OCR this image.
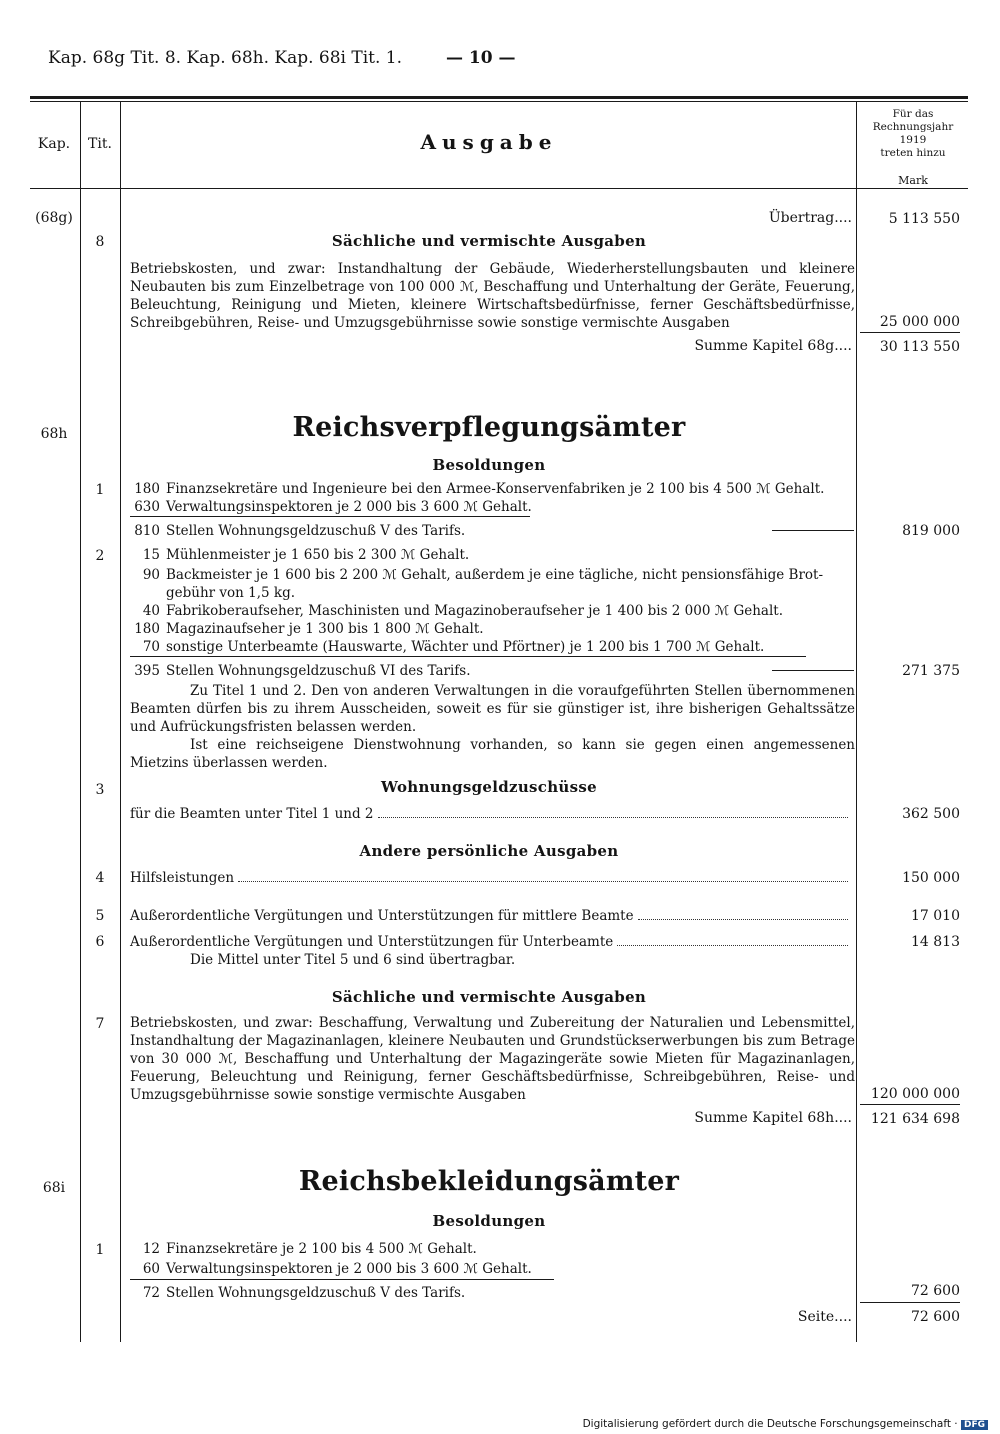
Kap. 68g Tit. 8. Kap. 68h. Kap. 68i Tit. 1.	— 10 —
Kap.	Tit.	Ausgabe
Für das
Rechnungsjahr
1919
treten hinzu
Mark
(68g)	Übertrag....	5 113 550
8	Sächliche und vermischte Ausgaben
Betriebskosten, und zwar: Instandhaltung der Gebäude, Wiederherstellungsbauten und kleinere Neubauten bis zum Einzelbetrage von 100 000 ℳ, Beschaffung und Unterhaltung der Geräte, Feuerung, Beleuchtung, Reinigung und Mieten, kleinere Wirtschaftsbedürfnisse, ferner Geschäftsbedürfnisse, Schreibgebühren, Reise- und Umzugsgebührnisse sowie sonstige vermischte Ausgaben	25 000 000
Summe Kapitel 68g....	30 113 550
68h	Reichsverpflegungsämter
Besoldungen
1	180 Finanzsekretäre und Ingenieure bei den Armee-Konservenfabriken je 2 100 bis 4 500 ℳ Gehalt.
630 Verwaltungsinspektoren je 2 000 bis 3 600 ℳ Gehalt.
810 Stellen Wohnungsgeldzuschuß V des Tarifs.	819 000
2	15 Mühlenmeister je 1 650 bis 2 300 ℳ Gehalt.
90 Backmeister je 1 600 bis 2 200 ℳ Gehalt, außerdem je eine tägliche, nicht pensionsfähige Brot-
gebühr von 1,5 kg.
40 Fabrikoberaufseher, Maschinisten und Magazinoberaufseher je 1 400 bis 2 000 ℳ Gehalt.
180 Magazinaufseher je 1 300 bis 1 800 ℳ Gehalt.
70 sonstige Unterbeamte (Hauswarte, Wächter und Pförtner) je 1 200 bis 1 700 ℳ Gehalt.
395 Stellen Wohnungsgeldzuschuß VI des Tarifs.	271 375
Zu Titel 1 und 2. Den von anderen Verwaltungen in die voraufgeführten Stellen übernommenen Beamten dürfen bis zu ihrem Ausscheiden, soweit es für sie günstiger ist, ihre bisherigen Gehaltssätze und Aufrückungsfristen belassen werden.
Ist eine reichseigene Dienstwohnung vorhanden, so kann sie gegen einen angemessenen Mietzins überlassen werden.
3	Wohnungsgeldzuschüsse
für die Beamten unter Titel 1 und 2	362 500
Andere persönliche Ausgaben
4	Hilfsleistungen	150 000
5	Außerordentliche Vergütungen und Unterstützungen für mittlere Beamte	17 010
6	Außerordentliche Vergütungen und Unterstützungen für Unterbeamte	14 813
Die Mittel unter Titel 5 und 6 sind übertragbar.
Sächliche und vermischte Ausgaben
7	Betriebskosten, und zwar: Beschaffung, Verwaltung und Zubereitung der Naturalien und Lebensmittel, Instandhaltung der Magazinanlagen, kleinere Neubauten und Grundstückserwerbungen bis zum Betrage von 30 000 ℳ, Beschaffung und Unterhaltung der Magazingeräte sowie Mieten für Magazinanlagen, Feuerung, Beleuchtung und Reinigung, ferner Geschäftsbedürfnisse, Schreibgebühren, Reise- und Umzugsgebührnisse sowie sonstige vermischte Ausgaben	120 000 000
Summe Kapitel 68h....	121 634 698
68i	Reichsbekleidungsämter
Besoldungen
1	12 Finanzsekretäre je 2 100 bis 4 500 ℳ Gehalt.
60 Verwaltungsinspektoren je 2 000 bis 3 600 ℳ Gehalt.
72 Stellen Wohnungsgeldzuschuß V des Tarifs.	72 600
Seite....	72 600
Digitalisierung gefördert durch die Deutsche Forschungsgemeinschaft · DFG
